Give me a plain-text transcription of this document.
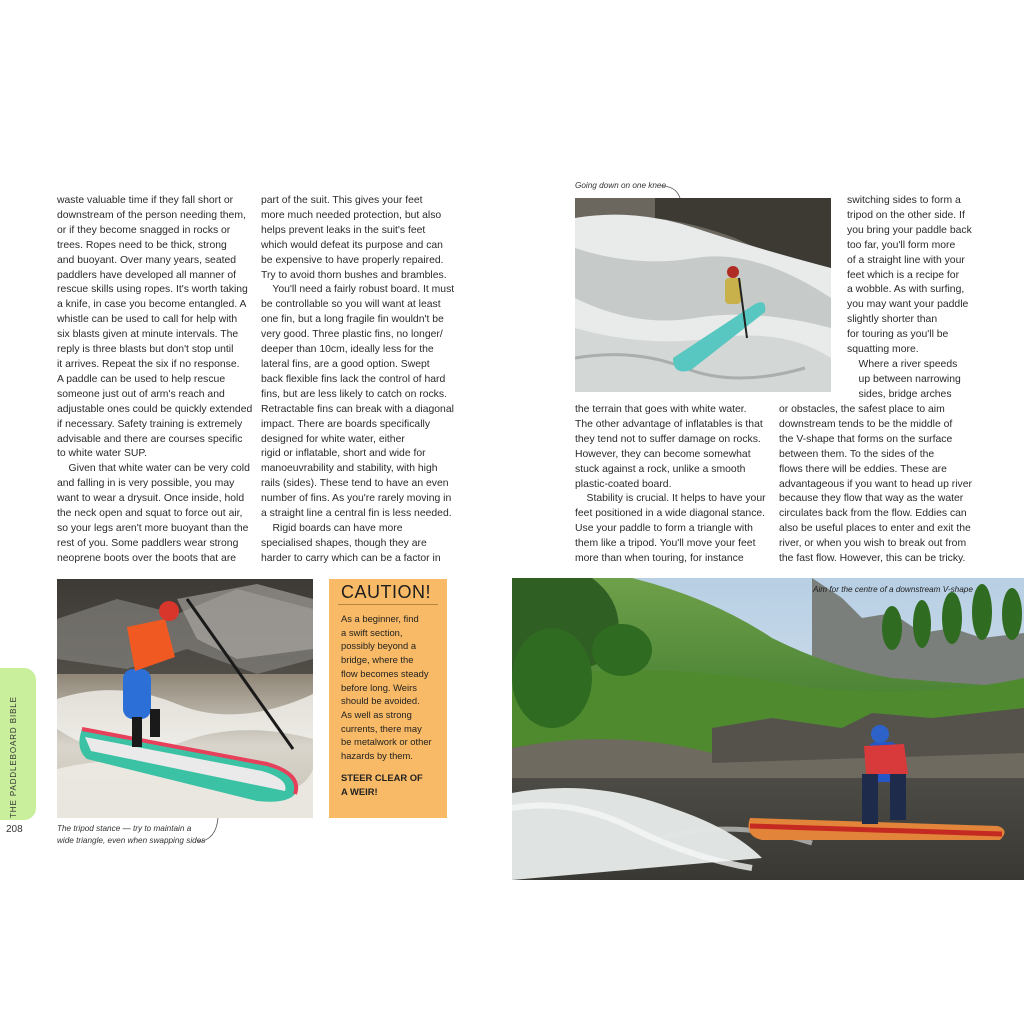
waste valuable time if they fall short or
downstream of the person needing them,
or if they become snagged in rocks or
trees. Ropes need to be thick, strong
and buoyant. Over many years, seated
paddlers have developed all manner of
rescue skills using ropes. It's worth taking
a knife, in case you become entangled. A
whistle can be used to call for help with
six blasts given at minute intervals. The
reply is three blasts but don't stop until
it arrives. Repeat the six if no response.
A paddle can be used to help rescue
someone just out of arm's reach and
adjustable ones could be quickly extended
if necessary. Safety training is extremely
advisable and there are courses specific
to white water SUP.
Given that white water can be very cold
and falling in is very possible, you may
want to wear a drysuit. Once inside, hold
the neck open and squat to force out air,
so your legs aren't more buoyant than the
rest of you. Some paddlers wear strong
neoprene boots over the boots that are
part of the suit. This gives your feet
more much needed protection, but also
helps prevent leaks in the suit's feet
which would defeat its purpose and can
be expensive to have properly repaired.
Try to avoid thorn bushes and brambles.
You'll need a fairly robust board. It must
be controllable so you will want at least
one fin, but a long fragile fin wouldn't be
very good. Three plastic fins, no longer/
deeper than 10cm, ideally less for the
lateral fins, are a good option. Swept
back flexible fins lack the control of hard
fins, but are less likely to catch on rocks.
Retractable fins can break with a diagonal
impact. There are boards specifically
designed for white water, either
rigid or inflatable, short and wide for
manoeuvrability and stability, with high
rails (sides). These tend to have an even
number of fins. As you're rarely moving in
a straight line a central fin is less needed.
Rigid boards can have more
specialised shapes, though they are
harder to carry which can be a factor in
The tripod stance — try to maintain a
wide triangle, even when swapping sides
CAUTION!
As a beginner, find
a swift section,
possibly beyond a
bridge, where the
flow becomes steady
before long. Weirs
should be avoided.
As well as strong
currents, there may
be metalwork or other
hazards by them.
STEER CLEAR OF
A WEIR!
THE PADDLEBOARD BIBLE
208
Going down on one knee
switching sides to form a
tripod on the other side. If
you bring your paddle back
too far, you'll form more
of a straight line with your
feet which is a recipe for
a wobble. As with surfing,
you may want your paddle
slightly shorter than
for touring as you'll be
squatting more.
Where a river speeds
up between narrowing
sides, bridge arches
the terrain that goes with white water.
The other advantage of inflatables is that
they tend not to suffer damage on rocks.
However, they can become somewhat
stuck against a rock, unlike a smooth
plastic-coated board.
Stability is crucial. It helps to have your
feet positioned in a wide diagonal stance.
Use your paddle to form a triangle with
them like a tripod. You'll move your feet
more than when touring, for instance
or obstacles, the safest place to aim
downstream tends to be the middle of
the V-shape that forms on the surface
between them. To the sides of the
flows there will be eddies. These are
advantageous if you want to head up river
because they flow that way as the water
circulates back from the flow. Eddies can
also be useful places to enter and exit the
river, or when you wish to break out from
the fast flow. However, this can be tricky.
Aim for the centre of a downstream V-shape
